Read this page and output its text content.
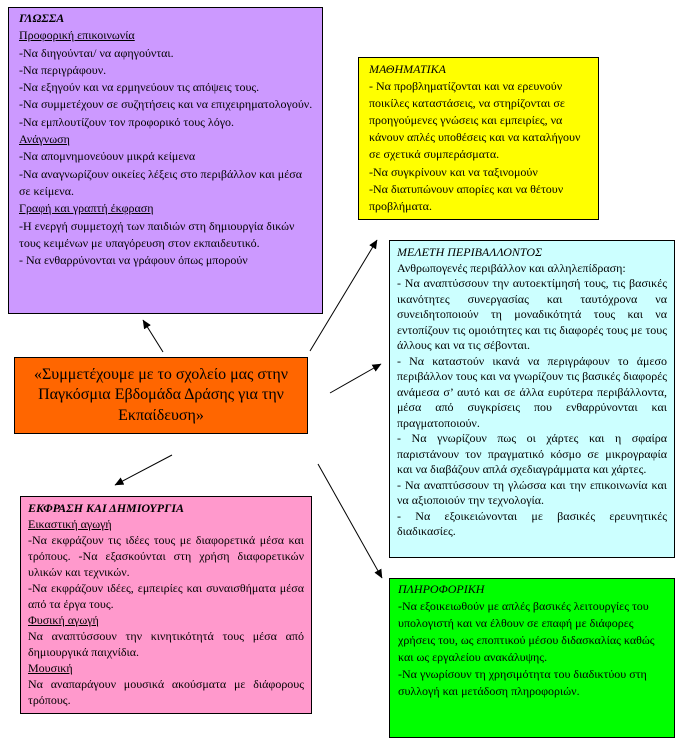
ΓΛΩΣΣΑ

Προφορική επικοινωνία

-Να διηγούνται/ να αφηγούνται.

-Να περιγράφουν.

-Να εξηγούν και να ερμηνεύουν τις απόψεις τους.

-Να συμμετέχουν σε συζητήσεις και να επιχειρηματολογούν.

-Να εμπλουτίζουν τον προφορικό τους λόγο.

Ανάγνωση

-Να απομνημονεύουν μικρά κείμενα

-Να αναγνωρίζουν οικείες λέξεις στο περιβάλλον και μέσα σε κείμενα.

Γραφή και γραπτή έκφραση

-Η ενεργή συμμετοχή των παιδιών στη δημιουργία δικών τους κειμένων με υπαγόρευση στον εκπαιδευτικό.

- Να ενθαρρύνονται να γράφουν όπως μπορούν

ΜΑΘΗΜΑΤΙΚΑ

- Να προβληματίζονται και να ερευνούν ποικίλες καταστάσεις, να στηρίζονται σε προηγούμενες γνώσεις και εμπειρίες, να κάνουν απλές υποθέσεις και να καταλήγουν σε σχετικά συμπεράσματα.

-Να συγκρίνουν και να ταξινομούν

-Να διατυπώνουν απορίες και να θέτουν προβλήματα.

ΜΕΛΕΤΗ ΠΕΡΙΒΑΛΛΟΝΤΟΣ

Ανθρωπογενές περιβάλλον και αλληλεπίδραση:

- Να αναπτύσσουν την αυτοεκτίμησή τους, τις βασικές ικανότητες συνεργασίας και ταυτόχρονα να συνειδητοποιούν τη μοναδικότητά τους και να εντοπίζουν τις ομοιότητες και τις διαφορές τους με τους άλλους και να τις σέβονται.

- Να καταστούν ικανά να περιγράφουν το άμεσο περιβάλλον τους και να γνωρίζουν τις βασικές διαφορές ανάμεσα σ’ αυτό και σε άλλα ευρύτερα περιβάλλοντα, μέσα από συγκρίσεις που ενθαρρύνονται και πραγματοποιούν.

- Να γνωρίζουν πως οι χάρτες και η σφαίρα παριστάνουν τον πραγματικό κόσμο σε μικρογραφία και να διαβάζουν απλά σχεδιαγράμματα και χάρτες.

- Να αναπτύσσουν τη γλώσσα και την επικοινωνία και να αξιοποιούν την τεχνολογία.

- Να εξοικειώνονται με βασικές ερευνητικές διαδικασίες.

«Συμμετέχουμε με το σχολείο μας στην Παγκόσμια Εβδομάδα Δράσης για την Εκπαίδευση»

ΕΚΦΡΑΣΗ ΚΑΙ ΔΗΜΙΟΥΡΓΙΑ

Εικαστική αγωγή

-Να εκφράζουν τις ιδέες τους με διαφορετικά μέσα και τρόπους. -Να εξασκούνται στη χρήση διαφορετικών υλικών και τεχνικών.

-Να εκφράζουν ιδέες, εμπειρίες και συναισθήματα μέσα από τα έργα τους.

Φυσική αγωγή

Να αναπτύσσουν την κινητικότητά τους μέσα από δημιουργικά παιχνίδια.

Μουσική

Να αναπαράγουν μουσικά ακούσματα με διάφορους τρόπους.

ΠΛΗΡΟΦΟΡΙΚΗ

-Να εξοικειωθούν με απλές βασικές λειτουργίες του υπολογιστή και να έλθουν σε επαφή με διάφορες χρήσεις του, ως εποπτικού μέσου διδασκαλίας καθώς και ως εργαλείου ανακάλυψης.

-Να γνωρίσουν τη χρησιμότητα του διαδικτύου στη συλλογή και μετάδοση πληροφοριών.
